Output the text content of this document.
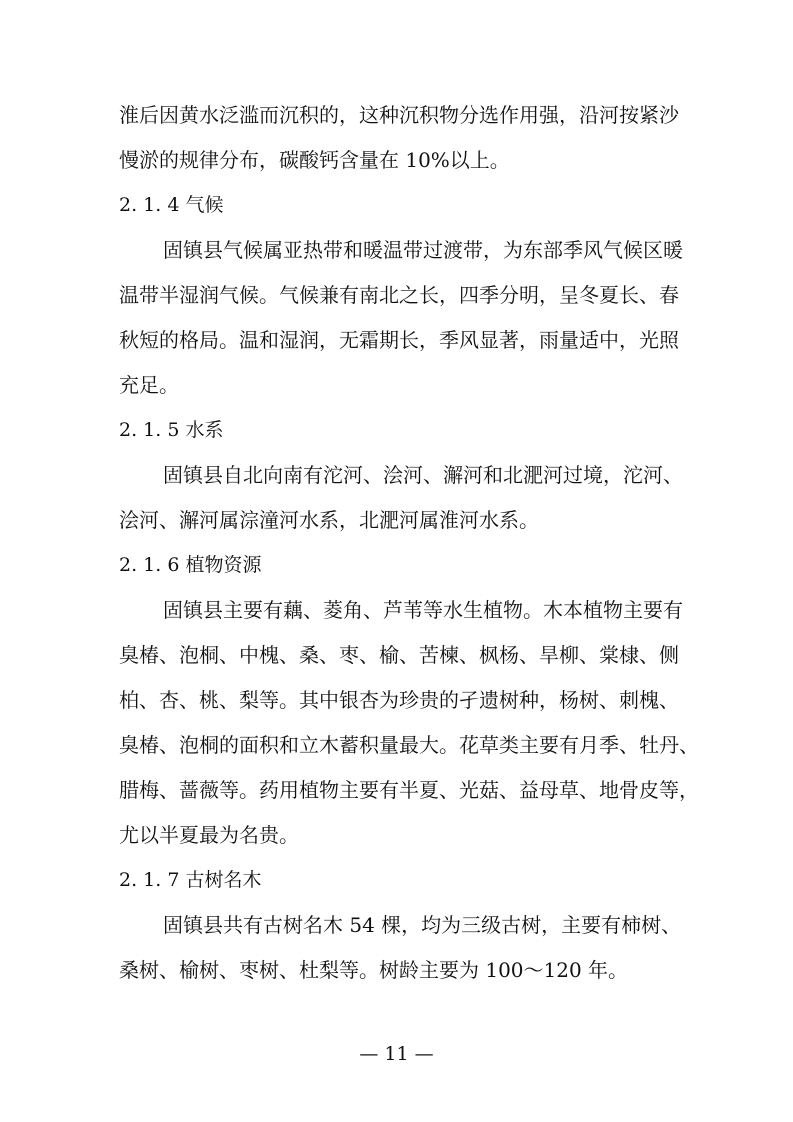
淮后因黄水泛滥而沉积的，这种沉积物分选作用强，沿河按紧沙
慢淤的规律分布，碳酸钙含量在 10%以上。
2. 1. 4 气候
固镇县气候属亚热带和暖温带过渡带，为东部季风气候区暖
温带半湿润气候。气候兼有南北之长，四季分明，呈冬夏长、春
秋短的格局。温和湿润，无霜期长，季风显著，雨量适中，光照
充足。
2. 1. 5 水系
固镇县自北向南有沱河、浍河、澥河和北淝河过境，沱河、
浍河、澥河属淙潼河水系，北淝河属淮河水系。
2. 1. 6 植物资源
固镇县主要有藕、菱角、芦苇等水生植物。木本植物主要有
臭椿、泡桐、中槐、桑、枣、榆、苦楝、枫杨、旱柳、棠棣、侧
柏、杏、桃、梨等。其中银杏为珍贵的孑遗树种，杨树、刺槐、
臭椿、泡桐的面积和立木蓄积量最大。花草类主要有月季、牡丹、
腊梅、蔷薇等。药用植物主要有半夏、光菇、益母草、地骨皮等，
尤以半夏最为名贵。
2. 1. 7 古树名木
固镇县共有古树名木 54 棵，均为三级古树，主要有柿树、
桑树、榆树、枣树、杜梨等。树龄主要为 100～120 年。
— 11 —
